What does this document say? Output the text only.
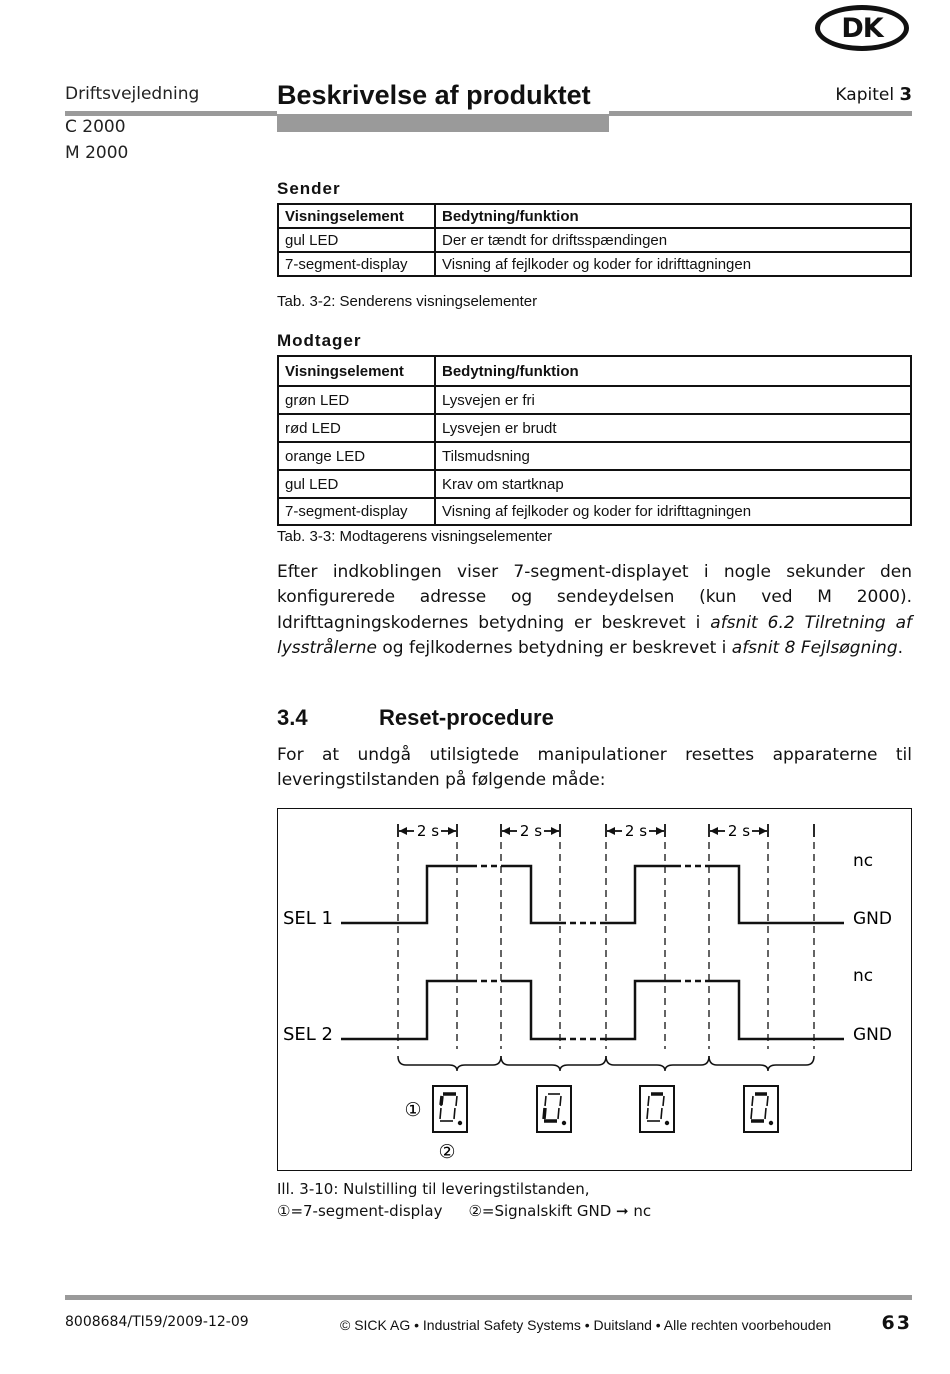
DK
Driftsvejledning
C 2000
M 2000
Beskrivelse af produktet	Kapitel 3
Sender
Visningselement	Bedytning/funktion
gul LED	Der er tændt for driftsspændingen
7-segment-display	Visning af fejlkoder og koder for idrifttagningen
Tab. 3-2: Senderens visningselementer
Modtager
Visningselement	Bedytning/funktion
grøn LED	Lysvejen er fri
rød LED	Lysvejen er brudt
orange LED	Tilsmudsning
gul LED	Krav om startknap
7-segment-display	Visning af fejlkoder og koder for idrifttagningen
Tab. 3-3: Modtagerens visningselementer
Efter indkoblingen viser 7-segment-displayet i nogle sekunder den konfigurerede adresse og sendeydelsen (kun ved M 2000). Idrifttagningskodernes betydning er beskrevet i afsnit 6.2 Tilretning af lysstrålerne og fejlkodernes betydning er beskrevet i afsnit 8 Fejlsøgning.
3.4	Reset-procedure
For at undgå utilsigtede manipulationer resettes apparaterne til leveringstilstanden på følgende måde:
2 s	2 s	2 s	2 s
SEL 1
nc
GND
SEL 2
nc
GND
①
②
Ill. 3-10: Nulstilling til leveringstilstanden,
①=7-segment-display ②=Signalskift GND ➞ nc
8008684/TI59/2009-12-09	© SICK AG • Industrial Safety Systems • Duitsland • Alle rechten voorbehouden	63
